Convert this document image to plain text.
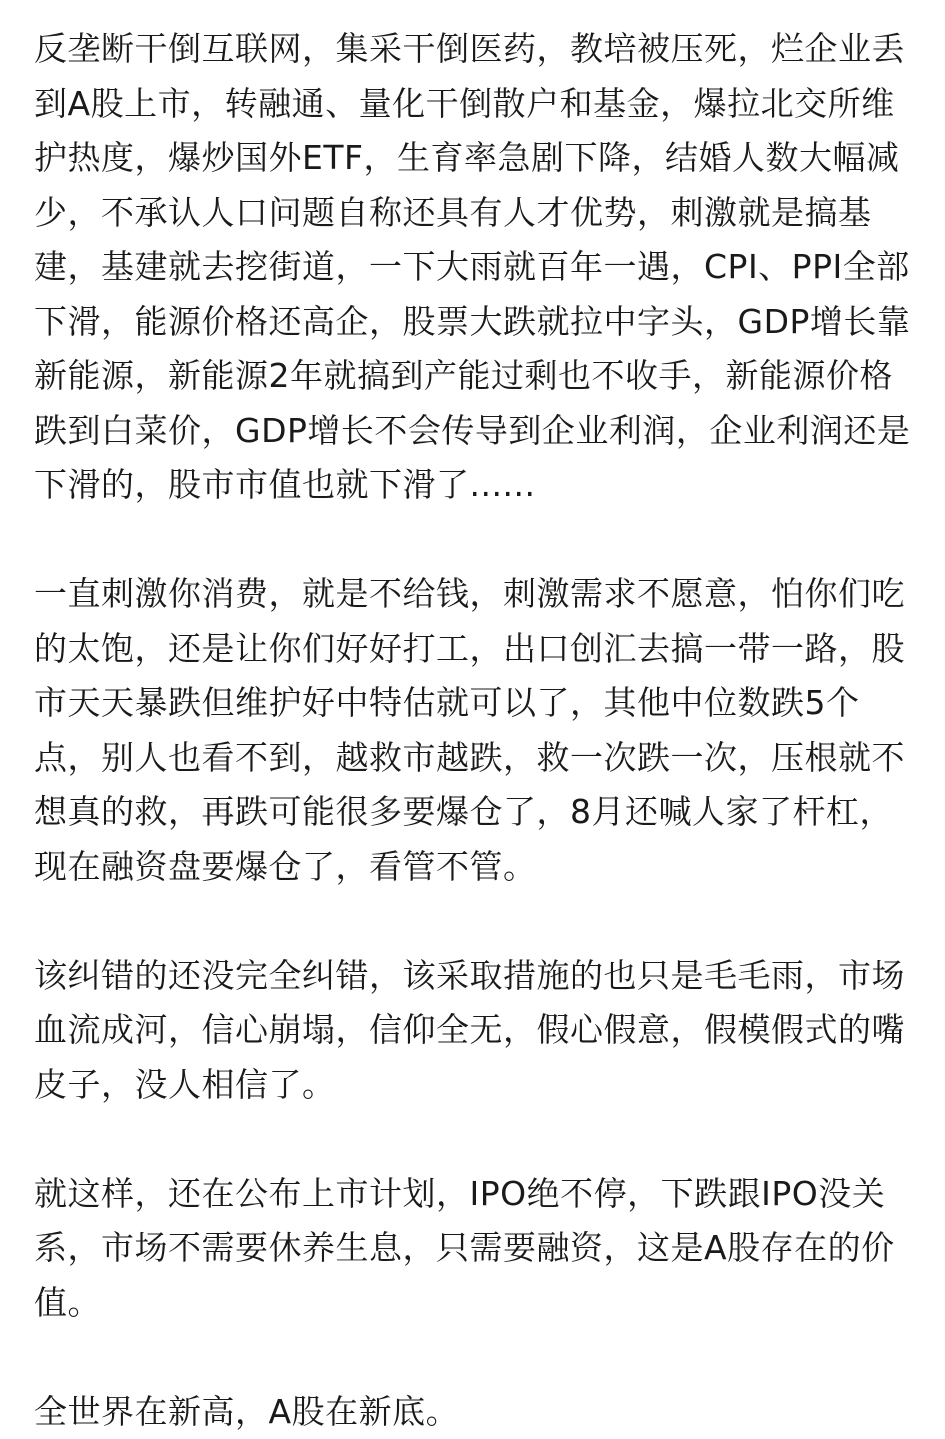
反垄断干倒互联网，集采干倒医药，教培被压死，烂企业丢到A股上市，转融通、量化干倒散户和基金，爆拉北交所维护热度，爆炒国外ETF，生育率急剧下降，结婚人数大幅减少，不承认人口问题自称还具有人才优势，刺激就是搞基建，基建就去挖街道，一下大雨就百年一遇，CPI、PPI全部下滑，能源价格还高企，股票大跌就拉中字头，GDP增长靠新能源，新能源2年就搞到产能过剩也不收手，新能源价格跌到白菜价，GDP增长不会传导到企业利润，企业利润还是下滑的，股市市值也就下滑了......

一直刺激你消费，就是不给钱，刺激需求不愿意，怕你们吃的太饱，还是让你们好好打工，出口创汇去搞一带一路，股市天天暴跌但维护好中特估就可以了，其他中位数跌5个点，别人也看不到，越救市越跌，救一次跌一次，压根就不想真的救，再跌可能很多要爆仓了，8月还喊人家了杆杠，现在融资盘要爆仓了，看管不管。

该纠错的还没完全纠错，该采取措施的也只是毛毛雨，市场血流成河，信心崩塌，信仰全无，假心假意，假模假式的嘴皮子，没人相信了。

就这样，还在公布上市计划，IPO绝不停，下跌跟IPO没关系，市场不需要休养生息，只需要融资，这是A股存在的价值。

全世界在新高，A股在新底。
